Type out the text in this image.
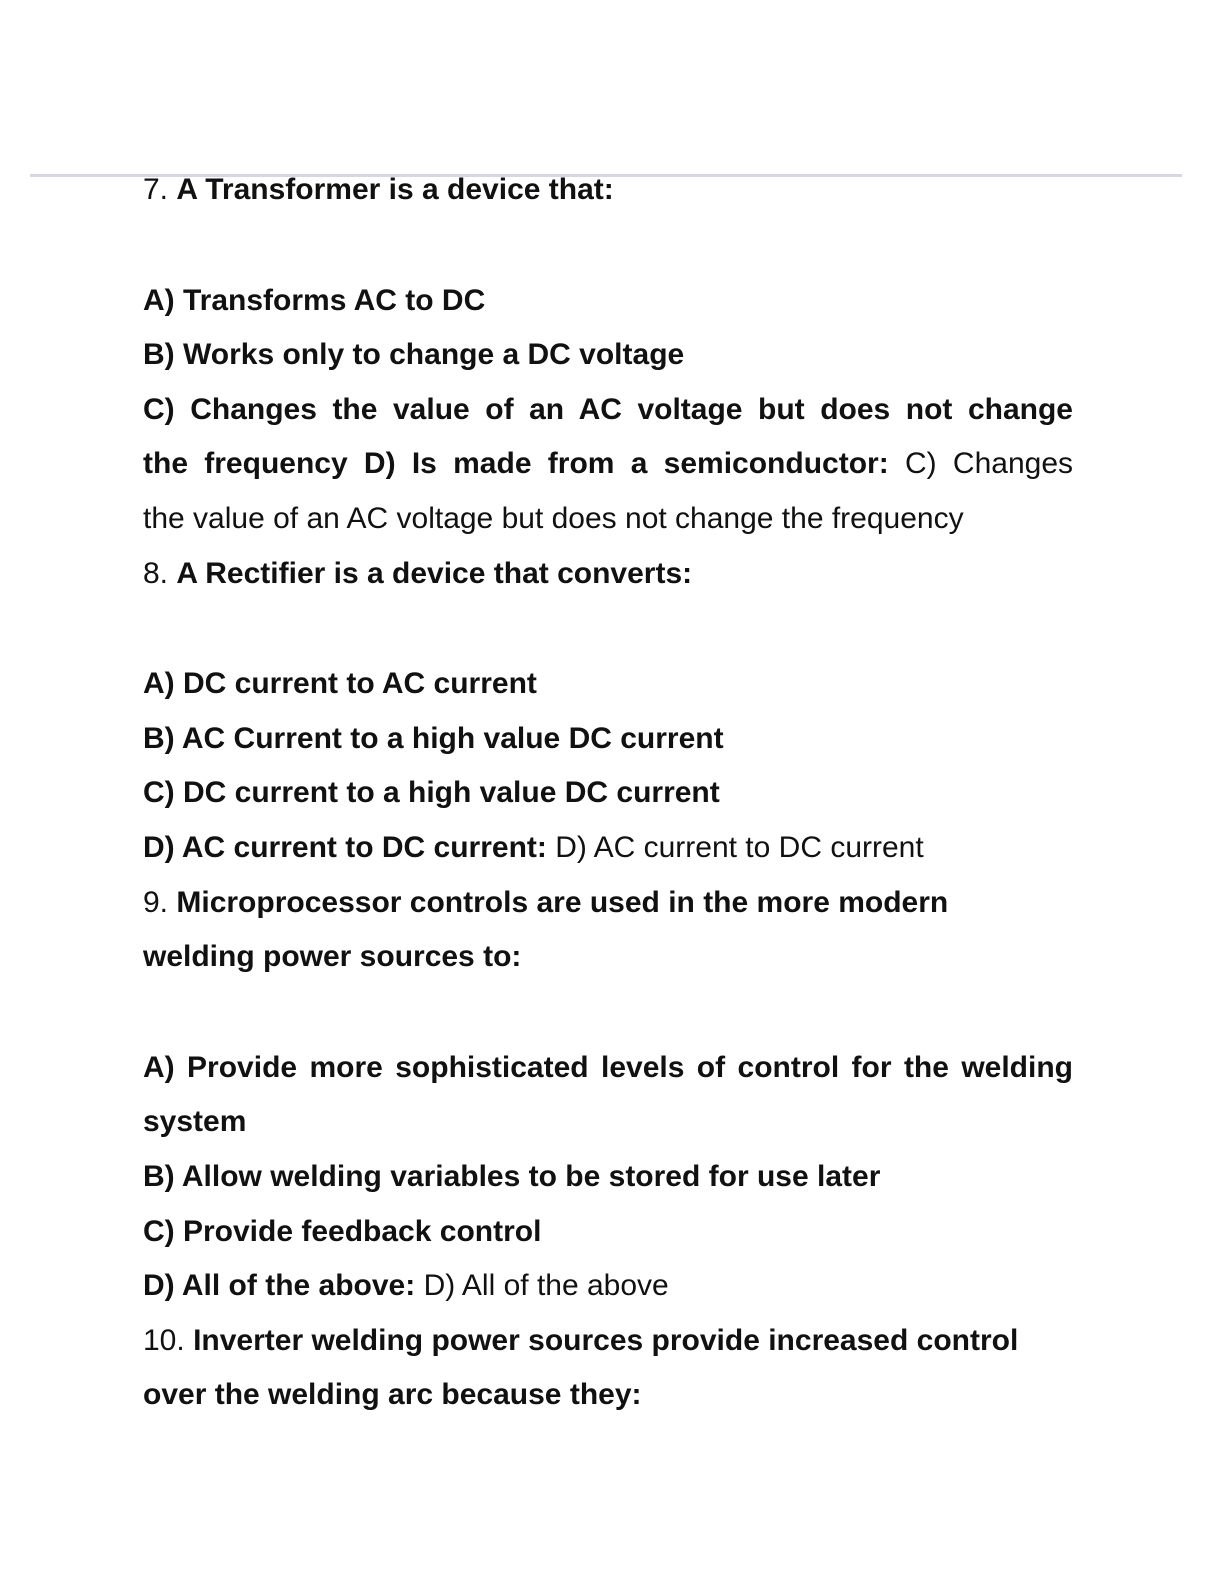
7. A Transformer is a device that:
A) Transforms AC to DC
B) Works only to change a DC voltage
C) Changes the value of an AC voltage but does not change
the frequency D) Is made from a semiconductor: C) Changes
the value of an AC voltage but does not change the frequency
8. A Rectifier is a device that converts:
A) DC current to AC current
B) AC Current to a high value DC current
C) DC current to a high value DC current
D) AC current to DC current: D) AC current to DC current
9. Microprocessor controls are used in the more modern
welding power sources to:
A) Provide more sophisticated levels of control for the welding
system
B) Allow welding variables to be stored for use later
C) Provide feedback control
D) All of the above: D) All of the above
10. Inverter welding power sources provide increased control
over the welding arc because they:
